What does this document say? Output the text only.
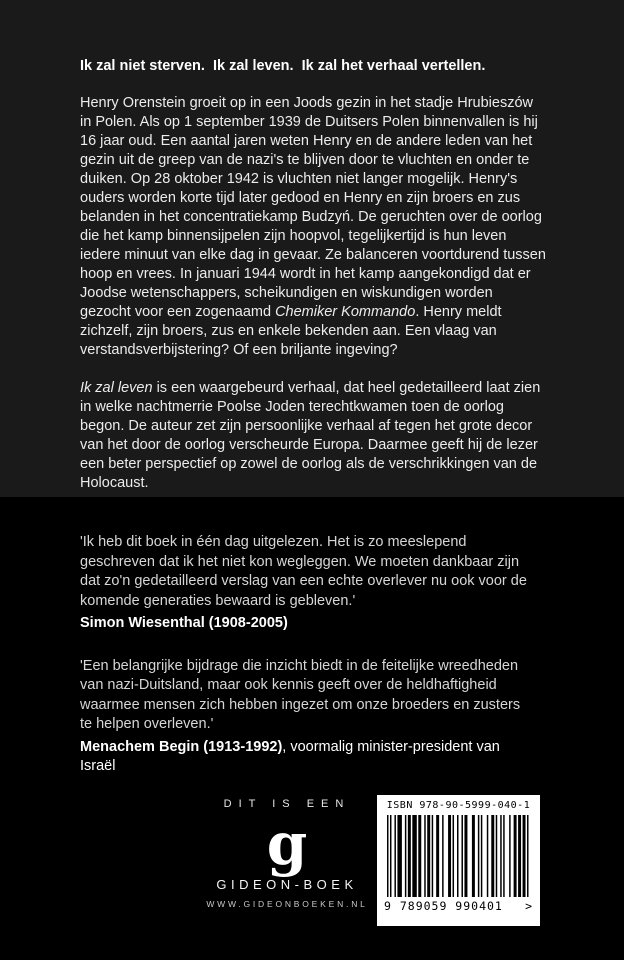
Ik zal niet sterven.  Ik zal leven.  Ik zal het verhaal vertellen.

Henry Orenstein groeit op in een Joods gezin in het stadje Hrubieszów in Polen. Als op 1 september 1939 de Duitsers Polen binnenvallen is hij 16 jaar oud. Een aantal jaren weten Henry en de andere leden van het gezin uit de greep van de nazi's te blijven door te vluchten en onder te duiken. Op 28 oktober 1942 is vluchten niet langer mogelijk. Henry's ouders worden korte tijd later gedood en Henry en zijn broers en zus belanden in het concentratiekamp Budzyń. De geruchten over de oorlog die het kamp binnensijpelen zijn hoopvol, tegelijkertijd is hun leven iedere minuut van elke dag in gevaar. Ze balanceren voortdurend tussen hoop en vrees. In januari 1944 wordt in het kamp aangekondigd dat er Joodse wetenschappers, scheikundigen en wiskundigen worden gezocht voor een zogenaamd Chemiker Kommando. Henry meldt zichzelf, zijn broers, zus en enkele bekenden aan. Een vlaag van verstandsverbijstering? Of een briljante ingeving?

Ik zal leven is een waargebeurd verhaal, dat heel gedetailleerd laat zien in welke nachtmerrie Poolse Joden terechtkwamen toen de oorlog begon. De auteur zet zijn persoonlijke verhaal af tegen het grote decor van het door de oorlog verscheurde Europa. Daarmee geeft hij de lezer een beter perspectief op zowel de oorlog als de verschrikkingen van de Holocaust.

'Ik heb dit boek in één dag uitgelezen. Het is zo meeslepend geschreven dat ik het niet kon wegleggen. We moeten dankbaar zijn dat zo'n gedetailleerd verslag van een echte overlever nu ook voor de komende generaties bewaard is gebleven.'

Simon Wiesenthal (1908-2005)

'Een belangrijke bijdrage die inzicht biedt in de feitelijke wreedheden van nazi-Duitsland, maar ook kennis geeft over de heldhaftigheid waarmee mensen zich hebben ingezet om onze broeders en zusters te helpen overleven.'

Menachem Begin (1913-1992), voormalig minister-president van Israël

DIT IS EEN
g
GIDEON-BOEK
WWW.GIDEONBOEKEN.NL
ISBN 978-90-5999-040-1
9 789059 990401 >
